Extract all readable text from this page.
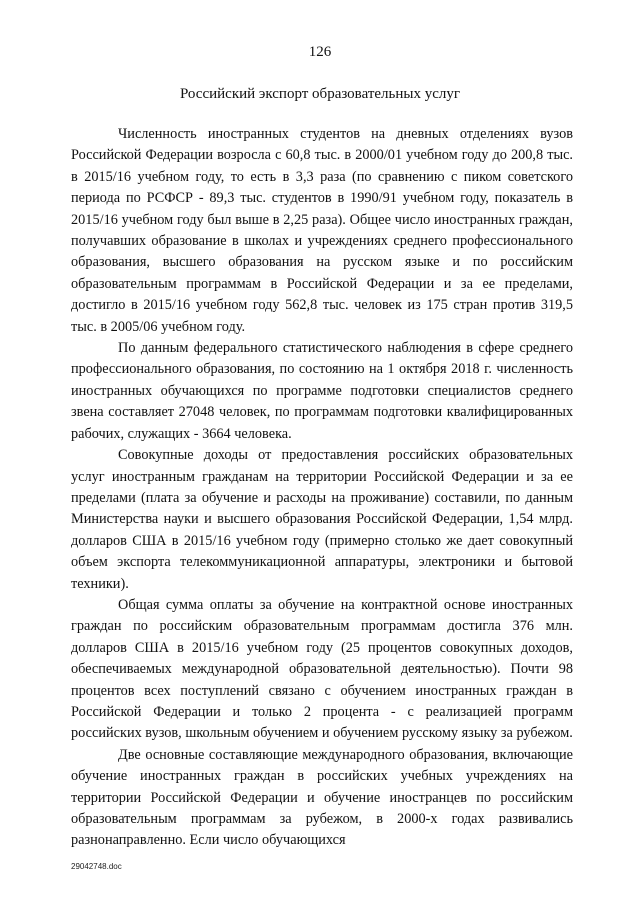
126
Российский экспорт образовательных услуг

Численность иностранных студентов на дневных отделениях вузов Российской Федерации возросла с 60,8 тыс. в 2000/01 учебном году до 200,8 тыс. в 2015/16 учебном году, то есть в 3,3 раза (по сравнению с пиком советского периода по РСФСР - 89,3 тыс. студентов в 1990/91 учебном году, показатель в 2015/16 учебном году был выше в 2,25 раза). Общее число иностранных граждан, получавших образование в школах и учреждениях среднего профессионального образования, высшего образования на русском языке и по российским образовательным программам в Российской Федерации и за ее пределами, достигло в 2015/16 учебном году 562,8 тыс. человек из 175 стран против 319,5 тыс. в 2005/06 учебном году.

По данным федерального статистического наблюдения в сфере среднего профессионального образования, по состоянию на 1 октября 2018 г. численность иностранных обучающихся по программе подготовки специалистов среднего звена составляет 27048 человек, по программам подготовки квалифицированных рабочих, служащих - 3664 человека.

Совокупные доходы от предоставления российских образовательных услуг иностранным гражданам на территории Российской Федерации и за ее пределами (плата за обучение и расходы на проживание) составили, по данным Министерства науки и высшего образования Российской Федерации, 1,54 млрд. долларов США в 2015/16 учебном году (примерно столько же дает совокупный объем экспорта телекоммуникационной аппаратуры, электроники и бытовой техники).

Общая сумма оплаты за обучение на контрактной основе иностранных граждан по российским образовательным программам достигла 376 млн. долларов США в 2015/16 учебном году (25 процентов совокупных доходов, обеспечиваемых международной образовательной деятельностью). Почти 98 процентов всех поступлений связано с обучением иностранных граждан в Российской Федерации и только 2 процента - с реализацией программ российских вузов, школьным обучением и обучением русскому языку за рубежом.

Две основные составляющие международного образования, включающие обучение иностранных граждан в российских учебных учреждениях на территории Российской Федерации и обучение иностранцев по российским образовательным программам за рубежом, в 2000-х годах развивались разнонаправленно. Если число обучающихся

29042748.doc
